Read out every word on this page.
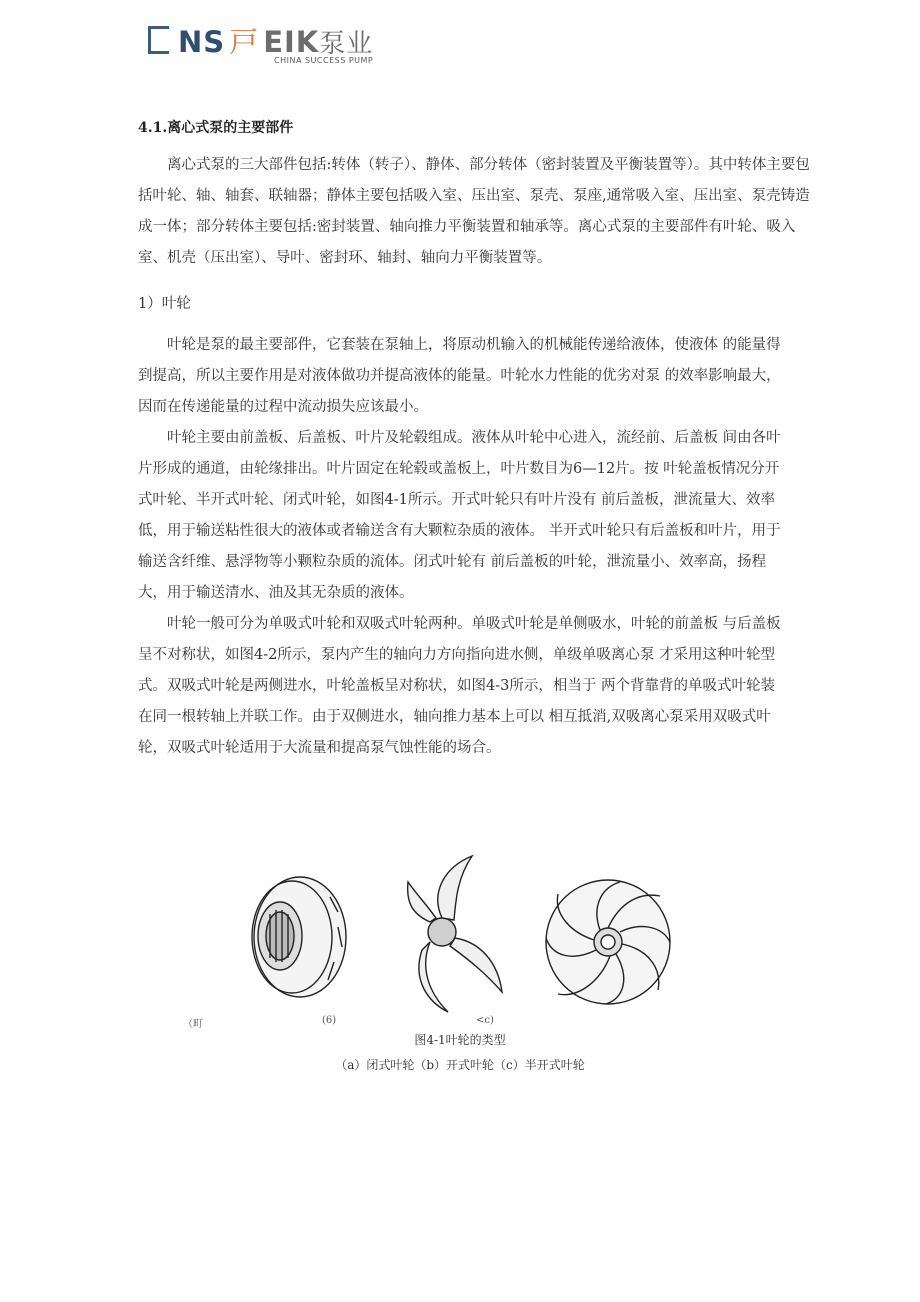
NS 戸 EIK泵业
CHINA SUCCESS PUMP
4.1.离心式泵的主要部件

离心式泵的三大部件包括:转体（转子）、静体、部分转体（密封装置及平衡装置等）。其中转体主要包括叶轮、轴、轴套、联轴器；静体主要包括吸入室、压出室、泵壳、泵座,通常吸入室、压出室、泵壳铸造成一体；部分转体主要包括:密封装置、轴向推力平衡装置和轴承等。离心式泵的主要部件有叶轮、吸入室、机壳（压出室）、导叶、密封环、轴封、轴向力平衡装置等。

1）叶轮

叶轮是泵的最主要部件，它套装在泵轴上，将原动机输入的机械能传递给液体，使液体 的能量得到提高，所以主要作用是对液体做功并提高液体的能量。叶轮水力性能的优劣对泵 的效率影响最大，因而在传递能量的过程中流动损失应该最小。

叶轮主要由前盖板、后盖板、叶片及轮毂组成。液体从叶轮中心进入，流经前、后盖板 间由各叶片形成的通道，由轮缘排出。叶片固定在轮毂或盖板上，叶片数目为6—12片。按 叶轮盖板情况分开式叶轮、半开式叶轮、闭式叶轮，如图4-1所示。开式叶轮只有叶片没有 前后盖板，泄流量大、效率低，用于输送粘性很大的液体或者输送含有大颗粒杂质的液体。 半开式叶轮只有后盖板和叶片，用于输送含纤维、悬浮物等小颗粒杂质的流体。闭式叶轮有 前后盖板的叶轮，泄流量小、效率高，扬程大，用于输送清水、油及其无杂质的液体。

叶轮一般可分为单吸式叶轮和双吸式叶轮两种。单吸式叶轮是单侧吸水，叶轮的前盖板 与后盖板呈不对称状，如图4-2所示，泵内产生的轴向力方向指向进水侧，单级单吸离心泵 才采用这种叶轮型式。双吸式叶轮是两侧进水，叶轮盖板呈对称状，如图4-3所示，相当于 两个背靠背的单吸式叶轮装在同一根转轴上并联工作。由于双侧进水，轴向推力基本上可以 相互抵消,双吸离心泵采用双吸式叶轮，双吸式叶轮适用于大流量和提高泵气蚀性能的场合。

（町	(6)	<c)
图4-1叶轮的类型
（a）闭式叶轮（b）开式叶轮（c）半开式叶轮
